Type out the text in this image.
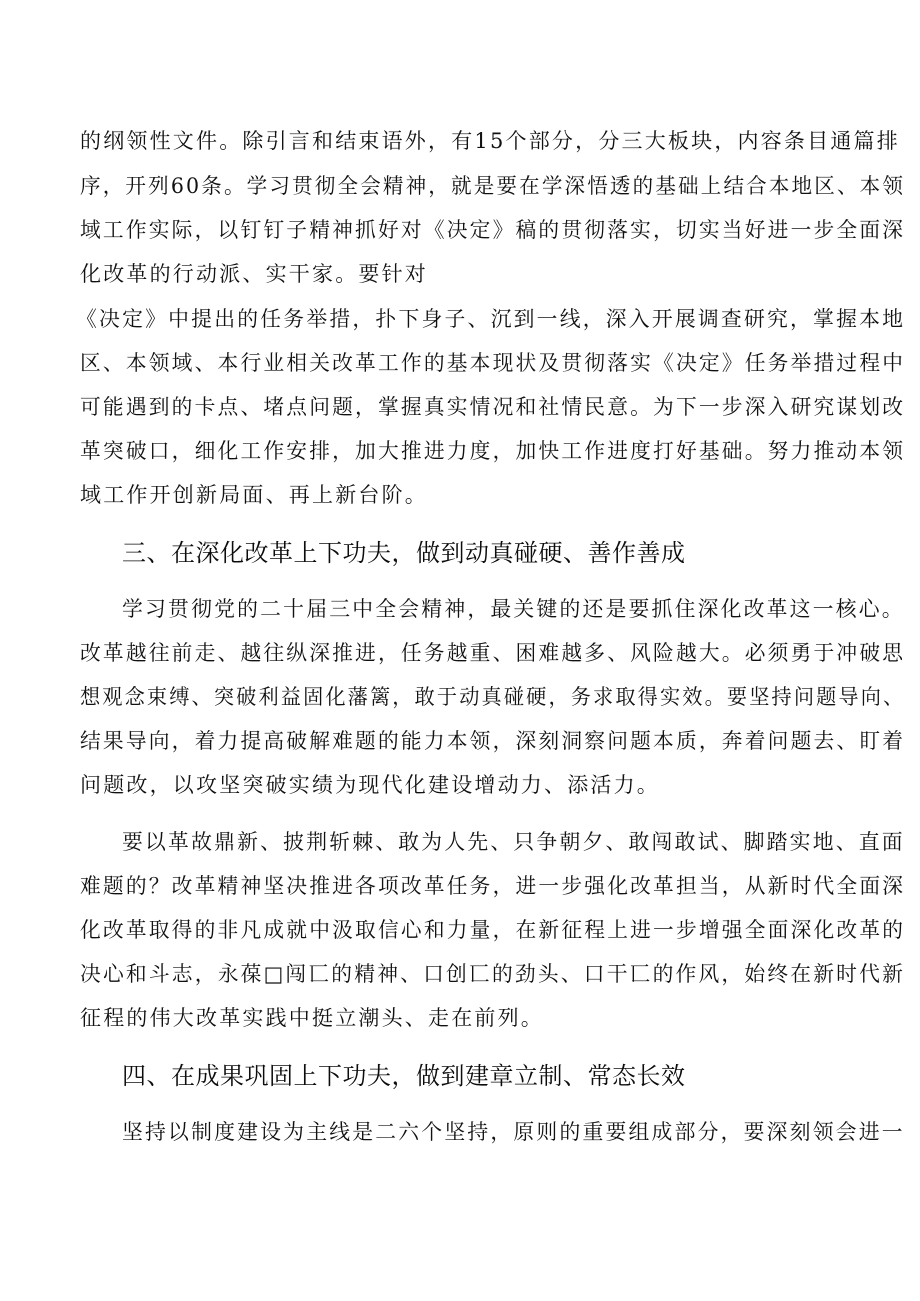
的纲领性文件。除引言和结束语外，有15个部分，分三大板块，内容条目通篇排
序，开列60条。学习贯彻全会精神，就是要在学深悟透的基础上结合本地区、本领
域工作实际，以钉钉子精神抓好对《决定》稿的贯彻落实，切实当好进一步全面深
化改革的行动派、实干家。要针对
《决定》中提出的任务举措，扑下身子、沉到一线，深入开展调查研究，掌握本地
区、本领域、本行业相关改革工作的基本现状及贯彻落实《决定》任务举措过程中
可能遇到的卡点、堵点问题，掌握真实情况和社情民意。为下一步深入研究谋划改
革突破口，细化工作安排，加大推进力度，加快工作进度打好基础。努力推动本领
域工作开创新局面、再上新台阶。
三、在深化改革上下功夫，做到动真碰硬、善作善成
学习贯彻党的二十届三中全会精神，最关键的还是要抓住深化改革这一核心。
改革越往前走、越往纵深推进，任务越重、困难越多、风险越大。必须勇于冲破思
想观念束缚、突破利益固化藩篱，敢于动真碰硬，务求取得实效。要坚持问题导向、
结果导向，着力提高破解难题的能力本领，深刻洞察问题本质，奔着问题去、盯着
问题改，以攻坚突破实绩为现代化建设增动力、添活力。
要以革故鼎新、披荆斩棘、敢为人先、只争朝夕、敢闯敢试、脚踏实地、直面
难题的？改革精神坚决推进各项改革任务，进一步强化改革担当，从新时代全面深
化改革取得的非凡成就中汲取信心和力量，在新征程上进一步增强全面深化改革的
决心和斗志，永葆□闯匸的精神、口创匸的劲头、口干匸的作风，始终在新时代新
征程的伟大改革实践中挺立潮头、走在前列。
四、在成果巩固上下功夫，做到建章立制、常态长效
坚持以制度建设为主线是二六个坚持，原则的重要组成部分，要深刻领会进一
